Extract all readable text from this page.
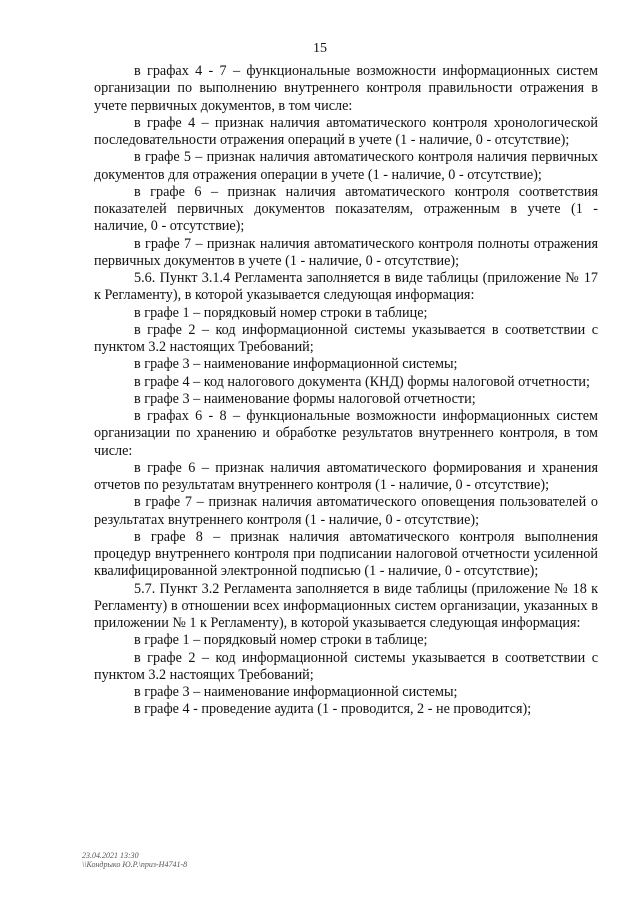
15

в графах 4 - 7 – функциональные возможности информационных систем организации по выполнению внутреннего контроля правильности отражения в учете первичных документов, в том числе:

в графе 4 – признак наличия автоматического контроля хронологической последовательности отражения операций в учете (1 - наличие, 0 - отсутствие);

в графе 5 – признак наличия автоматического контроля наличия первичных документов для отражения операции в учете (1 - наличие, 0 - отсутствие);

в графе 6 – признак наличия автоматического контроля соответствия показателей первичных документов показателям, отраженным в учете (1 - наличие, 0 - отсутствие);

в графе 7 – признак наличия автоматического контроля полноты отражения первичных документов в учете (1 - наличие, 0 - отсутствие);

5.6. Пункт 3.1.4 Регламента заполняется в виде таблицы (приложение № 17 к Регламенту), в которой указывается следующая информация:

в графе 1 – порядковый номер строки в таблице;

в графе 2 – код информационной системы указывается в соответствии с пунктом 3.2 настоящих Требований;

в графе 3 – наименование информационной системы;

в графе 4 – код налогового документа (КНД) формы налоговой отчетности;

в графе 3 – наименование формы налоговой отчетности;

в графах 6 - 8 – функциональные возможности информационных систем организации по хранению и обработке результатов внутреннего контроля, в том числе:

в графе 6 – признак наличия автоматического формирования и хранения отчетов по результатам внутреннего контроля (1 - наличие, 0 - отсутствие);

в графе 7 – признак наличия автоматического оповещения пользователей о результатах внутреннего контроля (1 - наличие, 0 - отсутствие);

в графе 8 – признак наличия автоматического контроля выполнения процедур внутреннего контроля при подписании налоговой отчетности усиленной квалифицированной электронной подписью (1 - наличие, 0 - отсутствие);

5.7. Пункт 3.2 Регламента заполняется в виде таблицы (приложение № 18 к Регламенту) в отношении всех информационных систем организации, указанных в приложении № 1 к Регламенту), в которой указывается следующая информация:

в графе 1 – порядковый номер строки в таблице;

в графе 2 – код информационной системы указывается в соответствии с пунктом 3.2 настоящих Требований;

в графе 3 – наименование информационной системы;

в графе 4 - проведение аудита (1 - проводится, 2 - не проводится);

23.04.2021 13:30
\\Кондрыко Ю.Р.\приз-Н4741-8
